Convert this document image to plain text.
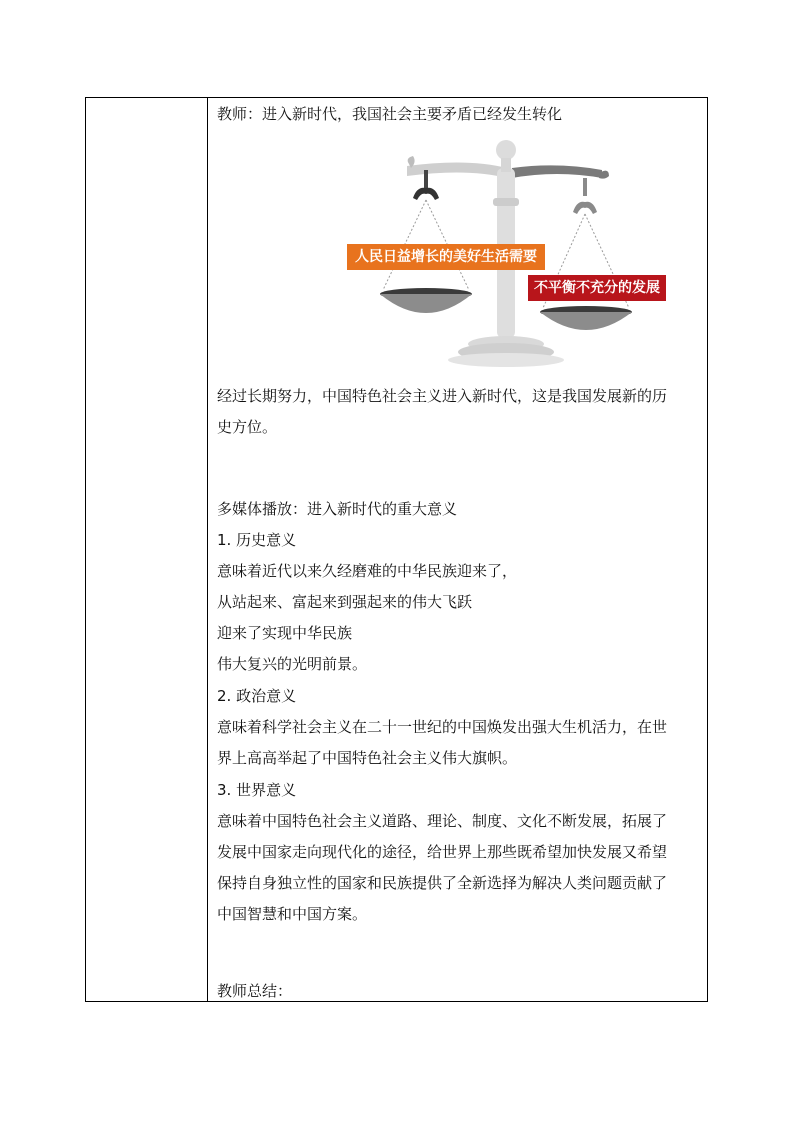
教师：进入新时代，我国社会主要矛盾已经发生转化
人民日益增长的美好生活需要
不平衡不充分的发展
经过长期努力，中国特色社会主义进入新时代，这是我国发展新的历
史方位。
多媒体播放：进入新时代的重大意义
1. 历史意义
意味着近代以来久经磨难的中华民族迎来了，
从站起来、富起来到强起来的伟大飞跃
迎来了实现中华民族
伟大复兴的光明前景。
2. 政治意义
意味着科学社会主义在二十一世纪的中国焕发出强大生机活力，在世
界上高高举起了中国特色社会主义伟大旗帜。
3. 世界意义
意味着中国特色社会主义道路、理论、制度、文化不断发展，拓展了
发展中国家走向现代化的途径，给世界上那些既希望加快发展又希望
保持自身独立性的国家和民族提供了全新选择为解决人类问题贡献了
中国智慧和中国方案。
教师总结：
